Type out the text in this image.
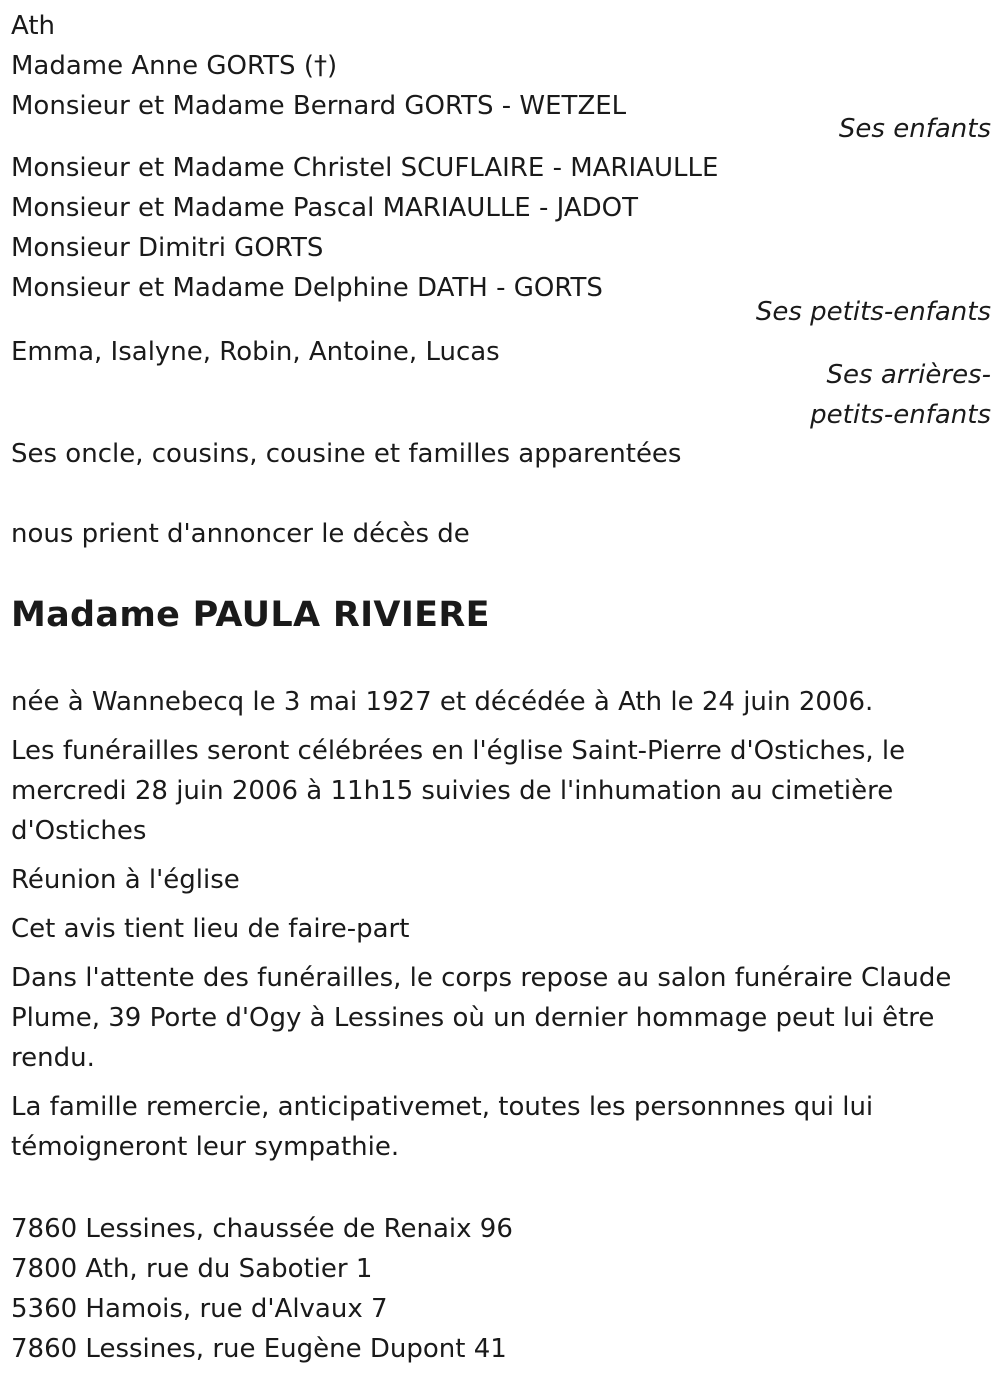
Ath
Madame Anne GORTS (†)
Monsieur et Madame Bernard GORTS - WETZEL
Ses enfants
Monsieur et Madame Christel SCUFLAIRE - MARIAULLE
Monsieur et Madame Pascal MARIAULLE - JADOT
Monsieur Dimitri GORTS
Monsieur et Madame Delphine DATH - GORTS
Ses petits-enfants
Emma, Isalyne, Robin, Antoine, Lucas
Ses arrières-petits-enfants
Ses oncle, cousins, cousine et familles apparentées
nous prient d'annoncer le décès de
Madame PAULA RIVIERE
née à Wannebecq le 3 mai 1927 et décédée à Ath le 24 juin 2006.
Les funérailles seront célébrées en l'église Saint-Pierre d'Ostiches, le mercredi 28 juin 2006 à 11h15 suivies de l'inhumation au cimetière d'Ostiches
Réunion à l'église
Cet avis tient lieu de faire-part
Dans l'attente des funérailles, le corps repose au salon funéraire Claude Plume, 39 Porte d'Ogy à Lessines où un dernier hommage peut lui être rendu.
La famille remercie, anticipativemet, toutes les personnnes qui lui témoigneront leur sympathie.
7860 Lessines, chaussée de Renaix 96
7800 Ath, rue du Sabotier 1
5360 Hamois, rue d'Alvaux 7
7860 Lessines, rue Eugène Dupont 41
